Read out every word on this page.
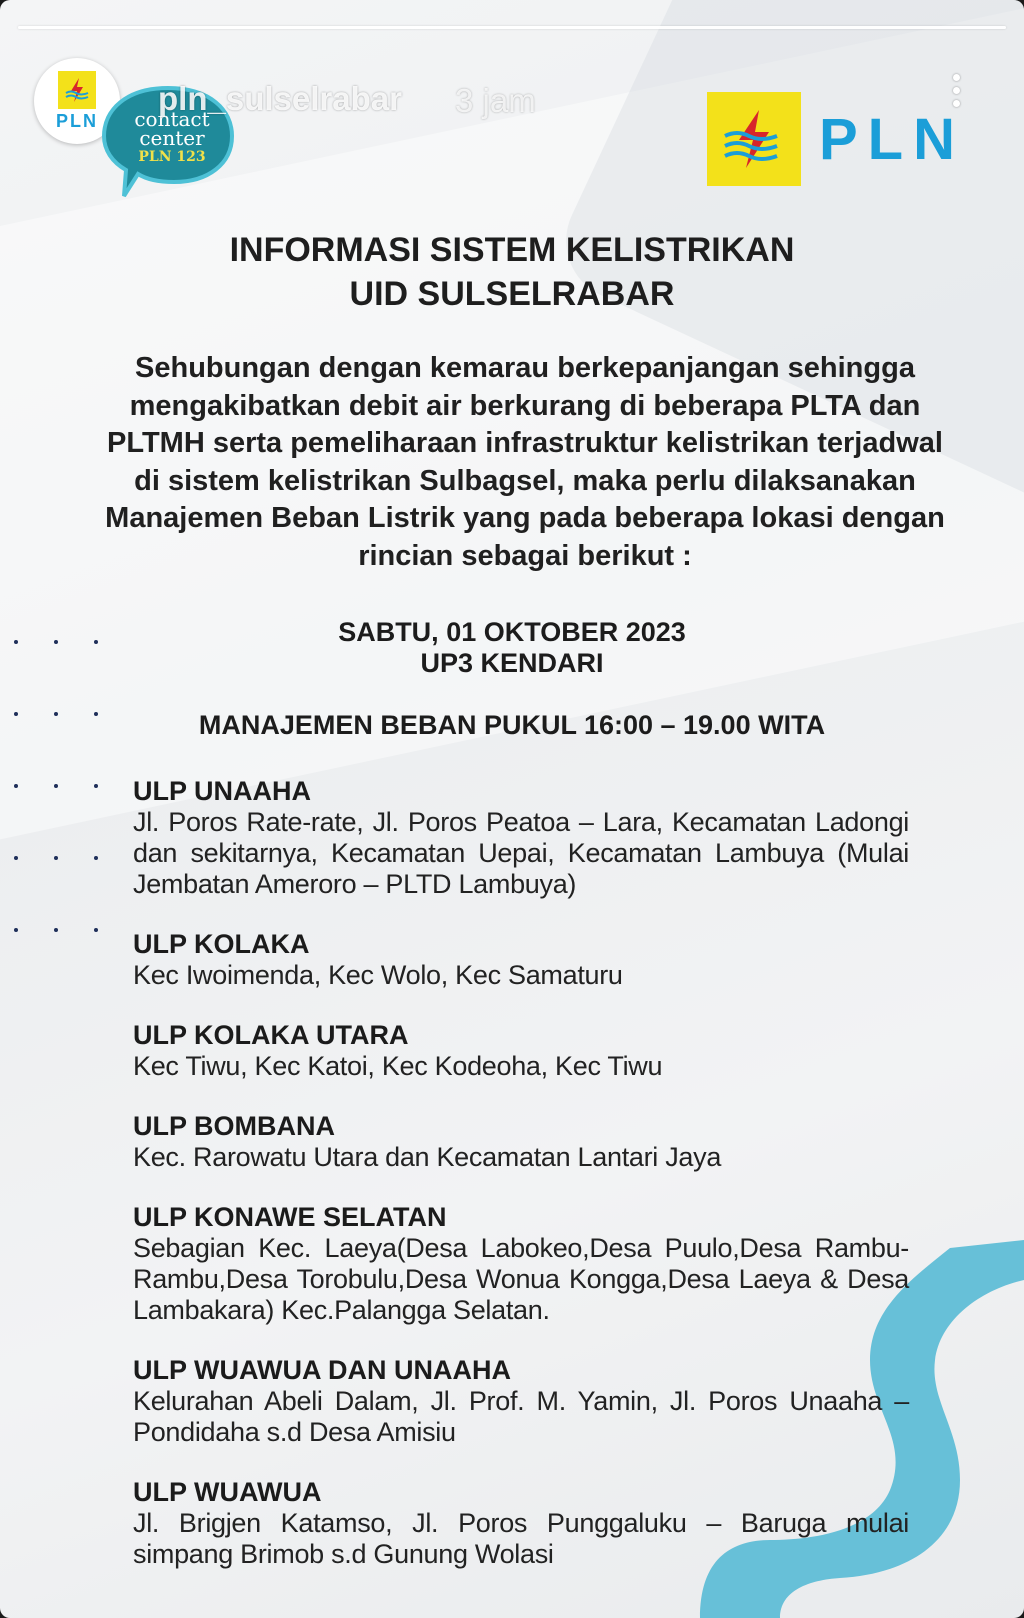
PLN	contact
center
PLN 123
pln_sulselrabar 3 jam
PLN
INFORMASI SISTEM KELISTRIKAN
UID SULSELRABAR
Sehubungan dengan kemarau berkepanjangan sehingga mengakibatkan debit air berkurang di beberapa PLTA dan PLTMH serta pemeliharaan infrastruktur kelistrikan terjadwal di sistem kelistrikan Sulbagsel, maka perlu dilaksanakan Manajemen Beban Listrik yang pada beberapa lokasi dengan rincian sebagai berikut :
SABTU, 01 OKTOBER 2023
UP3 KENDARI
MANAJEMEN BEBAN PUKUL 16:00 – 19.00 WITA
ULP UNAAHA
Jl. Poros Rate-rate, Jl. Poros Peatoa – Lara, Kecamatan Ladongi dan sekitarnya, Kecamatan Uepai, Kecamatan Lambuya (Mulai Jembatan Ameroro – PLTD Lambuya)
ULP KOLAKA
Kec Iwoimenda, Kec Wolo, Kec Samaturu
ULP KOLAKA UTARA
Kec Tiwu, Kec Katoi, Kec Kodeoha, Kec Tiwu
ULP BOMBANA
Kec. Rarowatu Utara dan Kecamatan Lantari Jaya
ULP KONAWE SELATAN
Sebagian Kec. Laeya(Desa Labokeo,Desa Puulo,Desa Rambu-Rambu,Desa Torobulu,Desa Wonua Kongga,Desa Laeya & Desa Lambakara) Kec.Palangga Selatan.
ULP WUAWUA DAN UNAAHA
Kelurahan Abeli Dalam, Jl. Prof. M. Yamin, Jl. Poros Unaaha – Pondidaha s.d Desa Amisiu
ULP WUAWUA
Jl. Brigjen Katamso, Jl. Poros Punggaluku – Baruga mulai simpang Brimob s.d Gunung Wolasi
